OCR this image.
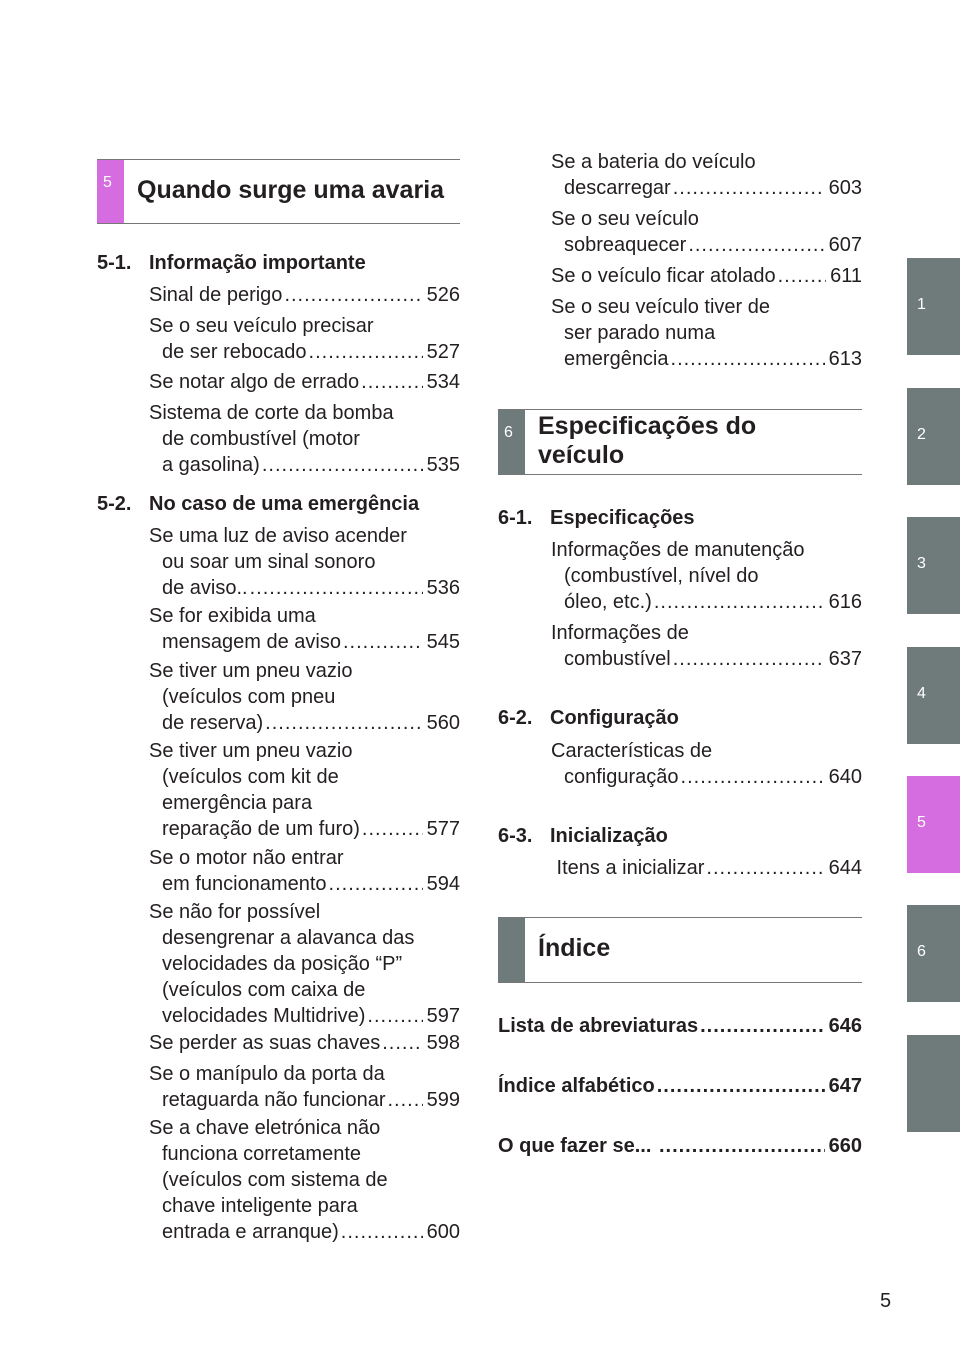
5 Quando surge uma avaria
5-1. Informação importante
Sinal de perigo .....	526
Se o seu veículo precisar
de ser rebocado .....	527
Se notar algo de errado .....	534
Sistema de corte da bomba
de combustível (motor
a gasolina) .....	535
5-2. No caso de uma emergência
Se uma luz de aviso acender
ou soar um sinal sonoro
de aviso.. .....	536
Se for exibida uma
mensagem de aviso .....	545
Se tiver um pneu vazio
(veículos com pneu
de reserva) .....	560
Se tiver um pneu vazio
(veículos com kit de
emergência para
reparação de um furo) .....	577
Se o motor não entrar
em funcionamento .....	594
Se não for possível
desengrenar a alavanca das
velocidades da posição “P”
(veículos com caixa de
velocidades Multidrive) .....	597
Se perder as suas chaves ..... 598
Se o manípulo da porta da
retaguarda não funcionar ..... 599
Se a chave eletrónica não
funciona corretamente
(veículos com sistema de
chave inteligente para
entrada e arranque) .....	600
Se a bateria do veículo
descarregar .....	603
Se o seu veículo
sobreaquecer .....	607
Se o veículo ficar atolado .....	611
Se o seu veículo tiver de
ser parado numa
emergência .....	613
6 Especificações do
veículo
6-1. Especificações
Informações de manutenção
(combustível, nível do
óleo, etc.) .....	616
Informações de
combustível .....	637
6-2. Configuração
Características de
configuração .....	640
6-3. Inicialização
Itens a inicializar .....	644
Índice
Lista de abreviaturas .....	646
Índice alfabético .....	647
O que fazer se... .....	660
1
2
3
4
5
6
5
